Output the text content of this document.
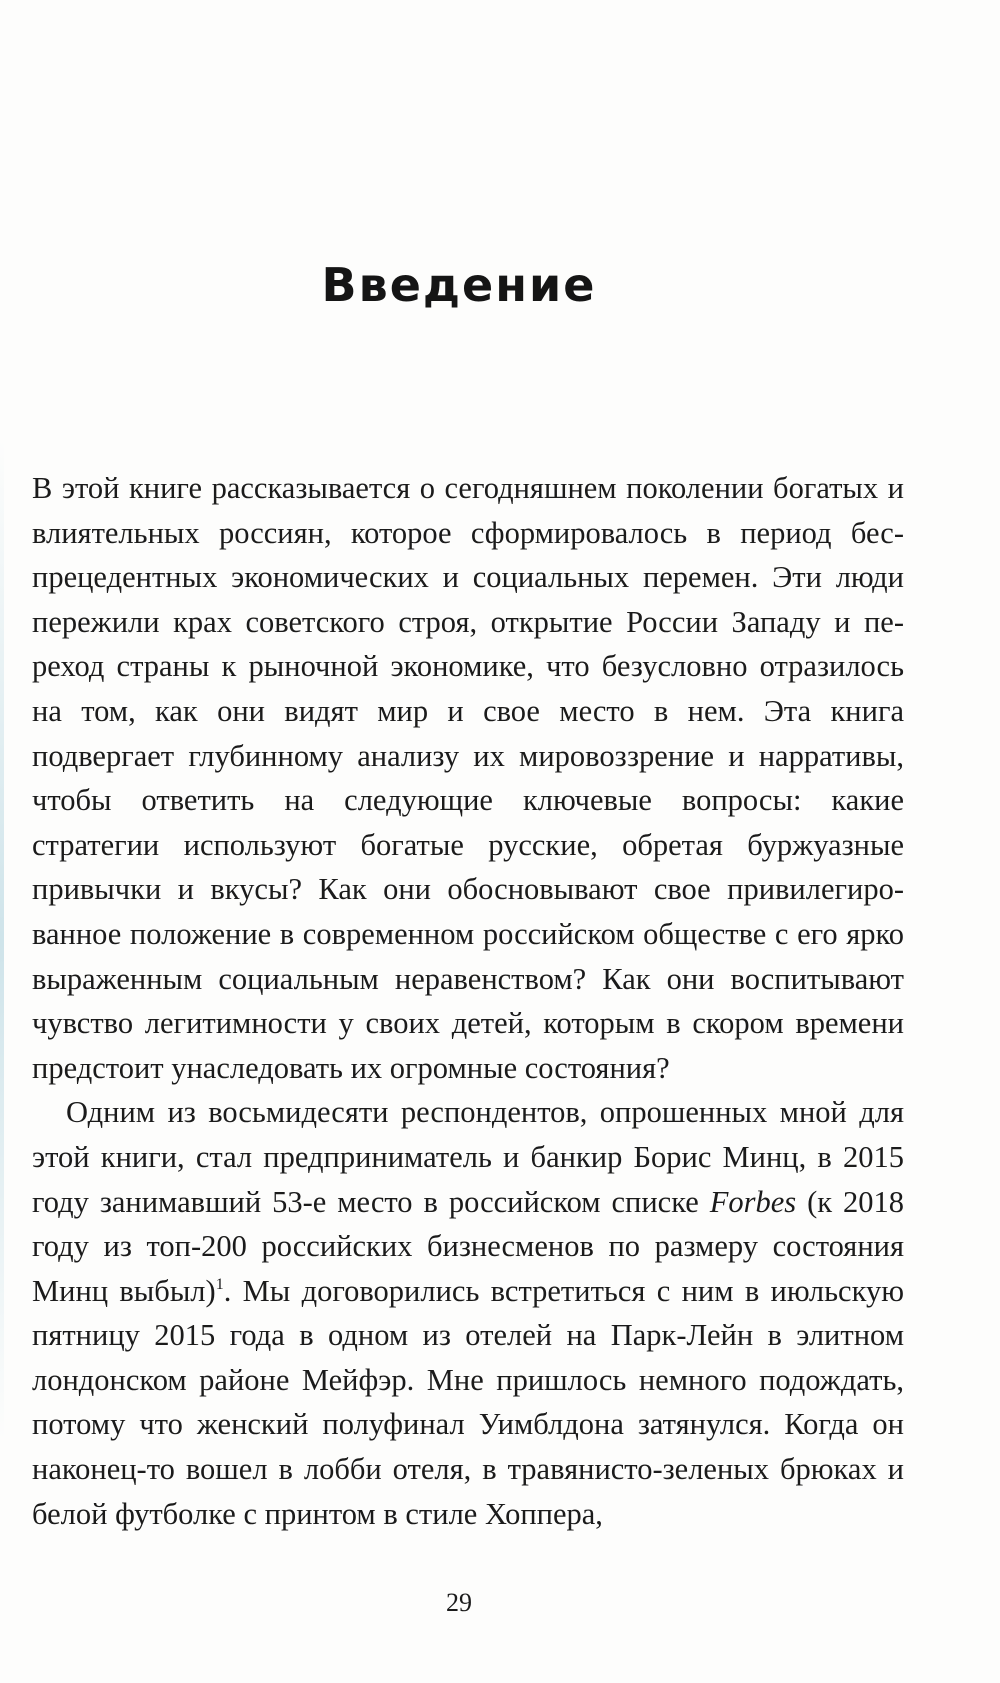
Введение

В этой книге рассказывается о сегодняшнем поколении богатых и влиятельных россиян, которое сформировалось в период беспрецедентных экономических и социальных перемен. Эти люди пережили крах советского строя, открытие России Западу и переход страны к рыночной экономике, что безусловно отразилось на том, как они видят мир и свое место в нем. Эта книга подвергает глубинному анализу их мировоззрение и нарративы, чтобы ответить на следующие ключевые вопросы: какие стратегии используют богатые русские, обретая буржуазные привычки и вкусы? Как они обосновывают свое привилегированное положение в современном российском обществе с его ярко выраженным социальным неравенством? Как они воспитывают чувство легитимности у своих детей, которым в скором времени предстоит унаследовать их огромные состояния?

Одним из восьмидесяти респондентов, опрошенных мной для этой книги, стал предприниматель и банкир Борис Минц, в 2015 году занимавший 53-е место в российском списке Forbes (к 2018 году из топ-200 российских бизнесменов по размеру состояния Минц выбыл)$^1$. Мы договорились встретиться с ним в июльскую пятницу 2015 года в одном из отелей на Парк-Лейн в элитном лондонском районе Мейфэр. Мне пришлось немного подождать, потому что женский полуфинал Уимблдона затянулся. Когда он наконец-то вошел в лобби отеля, в травянисто-зеленых брюках и белой футболке с принтом в стиле Хоппера,

29
